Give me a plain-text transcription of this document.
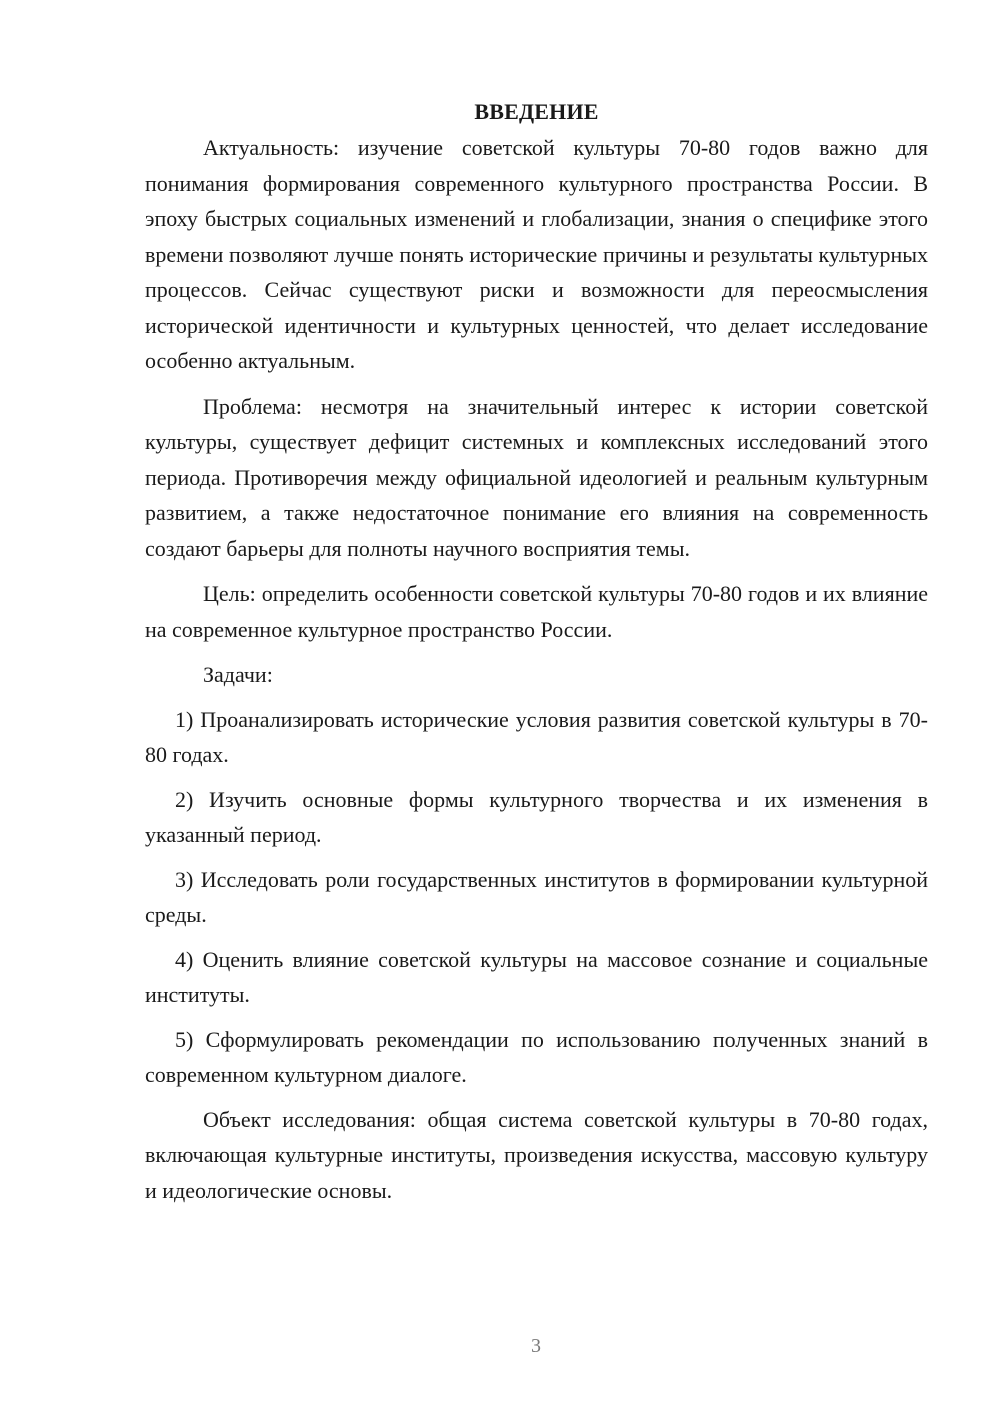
ВВЕДЕНИЕ

Актуальность: изучение советской культуры 70-80 годов важно для понимания формирования современного культурного пространства России. В эпоху быстрых социальных изменений и глобализации, знания о специфике этого времени позволяют лучше понять исторические причины и результаты культурных процессов. Сейчас существуют риски и возможности для переосмысления исторической идентичности и культурных ценностей, что делает исследование особенно актуальным.

Проблема: несмотря на значительный интерес к истории советской культуры, существует дефицит системных и комплексных исследований этого периода. Противоречия между официальной идеологией и реальным культурным развитием, а также недостаточное понимание его влияния на современность создают барьеры для полноты научного восприятия темы.

Цель: определить особенности советской культуры 70-80 годов и их влияние на современное культурное пространство России.

Задачи:

1) Проанализировать исторические условия развития советской культуры в 70-80 годах.

2) Изучить основные формы культурного творчества и их изменения в указанный период.

3) Исследовать роли государственных институтов в формировании культурной среды.

4) Оценить влияние советской культуры на массовое сознание и социальные институты.

5) Сформулировать рекомендации по использованию полученных знаний в современном культурном диалоге.

Объект исследования: общая система советской культуры в 70-80 годах, включающая культурные институты, произведения искусства, массовую культуру и идеологические основы.

3
